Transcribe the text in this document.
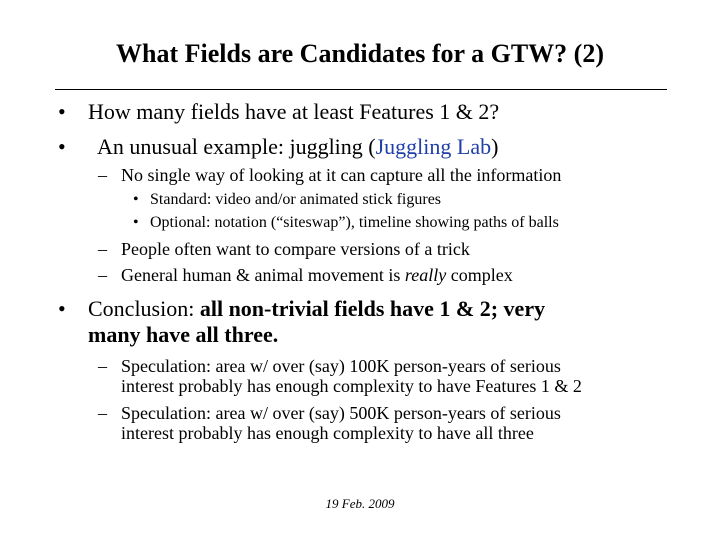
What Fields are Candidates for a GTW? (2)
• How many fields have at least Features 1 & 2?
• An unusual example: juggling (Juggling Lab)
– No single way of looking at it can capture all the information
• Standard: video and/or animated stick figures
• Optional: notation (“siteswap”), timeline showing paths of balls
– People often want to compare versions of a trick
– General human & animal movement is really complex
• Conclusion: all non-trivial fields have 1 & 2; very
many have all three.
– Speculation: area w/ over (say) 100K person-years of serious
interest probably has enough complexity to have Features 1 & 2
– Speculation: area w/ over (say) 500K person-years of serious
interest probably has enough complexity to have all three
19 Feb. 2009
